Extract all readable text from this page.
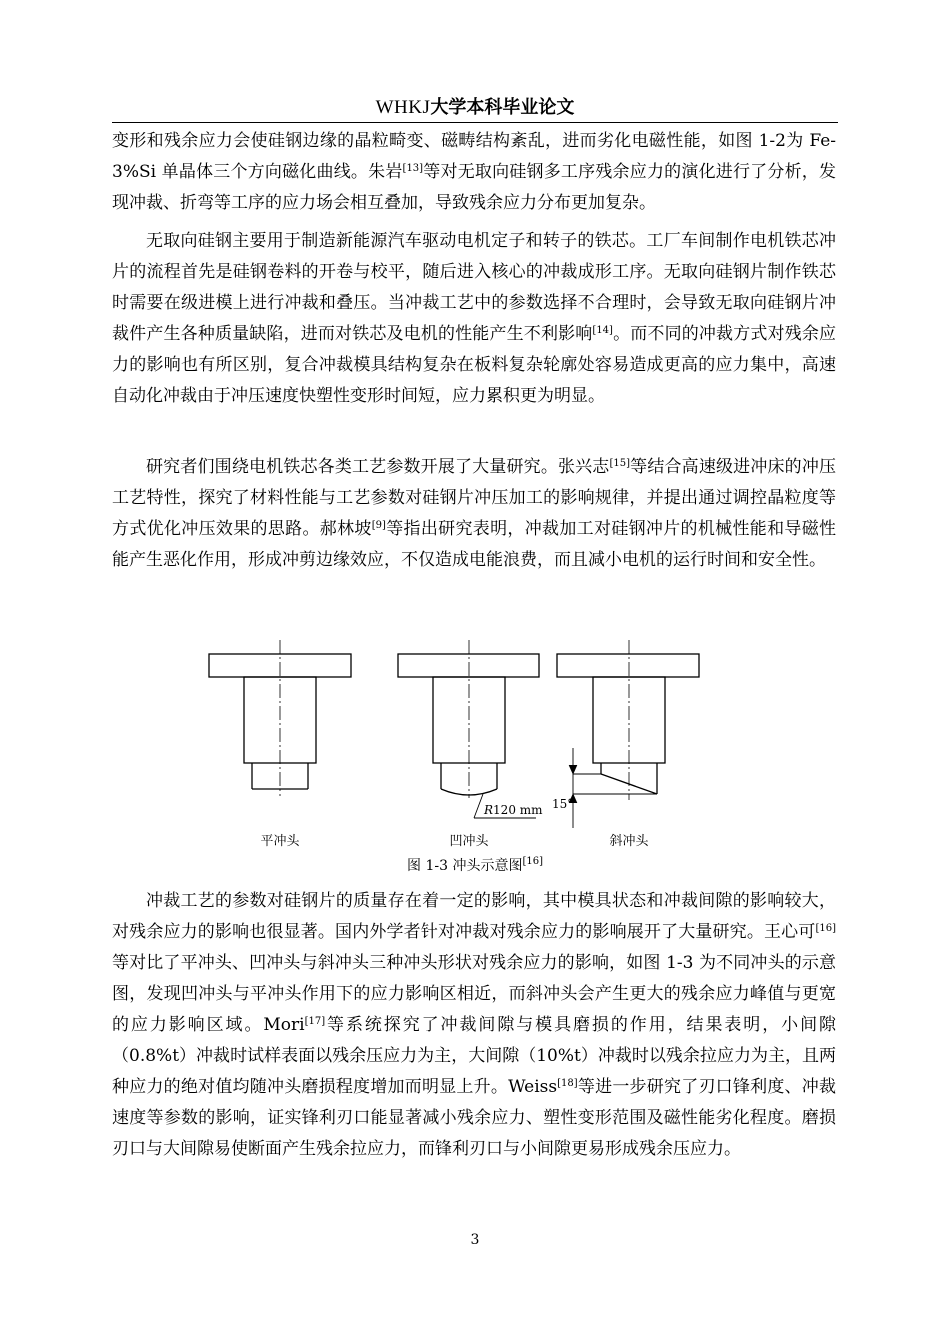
WHKJ大学本科毕业论文

变形和残余应力会使硅钢边缘的晶粒畸变、磁畴结构紊乱，进而劣化电磁性能，如图 1-2为 Fe-3%Si 单晶体三个方向磁化曲线。朱岩[13]等对无取向硅钢多工序残余应力的演化进行了分析，发现冲裁、折弯等工序的应力场会相互叠加，导致残余应力分布更加复杂。

无取向硅钢主要用于制造新能源汽车驱动电机定子和转子的铁芯。工厂车间制作电机铁芯冲片的流程首先是硅钢卷料的开卷与校平，随后进入核心的冲裁成形工序。无取向硅钢片制作铁芯时需要在级进模上进行冲裁和叠压。当冲裁工艺中的参数选择不合理时，会导致无取向硅钢片冲裁件产生各种质量缺陷，进而对铁芯及电机的性能产生不利影响[14]。而不同的冲裁方式对残余应力的影响也有所区别，复合冲裁模具结构复杂在板料复杂轮廓处容易造成更高的应力集中，高速自动化冲裁由于冲压速度快塑性变形时间短，应力累积更为明显。

研究者们围绕电机铁芯各类工艺参数开展了大量研究。张兴志[15]等结合高速级进冲床的冲压工艺特性，探究了材料性能与工艺参数对硅钢片冲压加工的影响规律，并提出通过调控晶粒度等方式优化冲压效果的思路。郝林坡[9]等指出研究表明，冲裁加工对硅钢冲片的机械性能和导磁性能产生恶化作用，形成冲剪边缘效应，不仅造成电能浪费，而且减小电机的运行时间和安全性。

R120 mm 15°
平冲头	凹冲头	斜冲头
图 1-3 冲头示意图[16]

冲裁工艺的参数对硅钢片的质量存在着一定的影响，其中模具状态和冲裁间隙的影响较大，对残余应力的影响也很显著。国内外学者针对冲裁对残余应力的影响展开了大量研究。王心可[16]等对比了平冲头、凹冲头与斜冲头三种冲头形状对残余应力的影响，如图 1-3 为不同冲头的示意图，发现凹冲头与平冲头作用下的应力影响区相近，而斜冲头会产生更大的残余应力峰值与更宽的应力影响区域。Mori[17]等系统探究了冲裁间隙与模具磨损的作用，结果表明，小间隙（0.8%t）冲裁时试样表面以残余压应力为主，大间隙（10%t）冲裁时以残余拉应力为主，且两种应力的绝对值均随冲头磨损程度增加而明显上升。Weiss[18]等进一步研究了刃口锋利度、冲裁速度等参数的影响，证实锋利刃口能显著减小残余应力、塑性变形范围及磁性能劣化程度。磨损刃口与大间隙易使断面产生残余拉应力，而锋利刃口与小间隙更易形成残余压应力。

3
